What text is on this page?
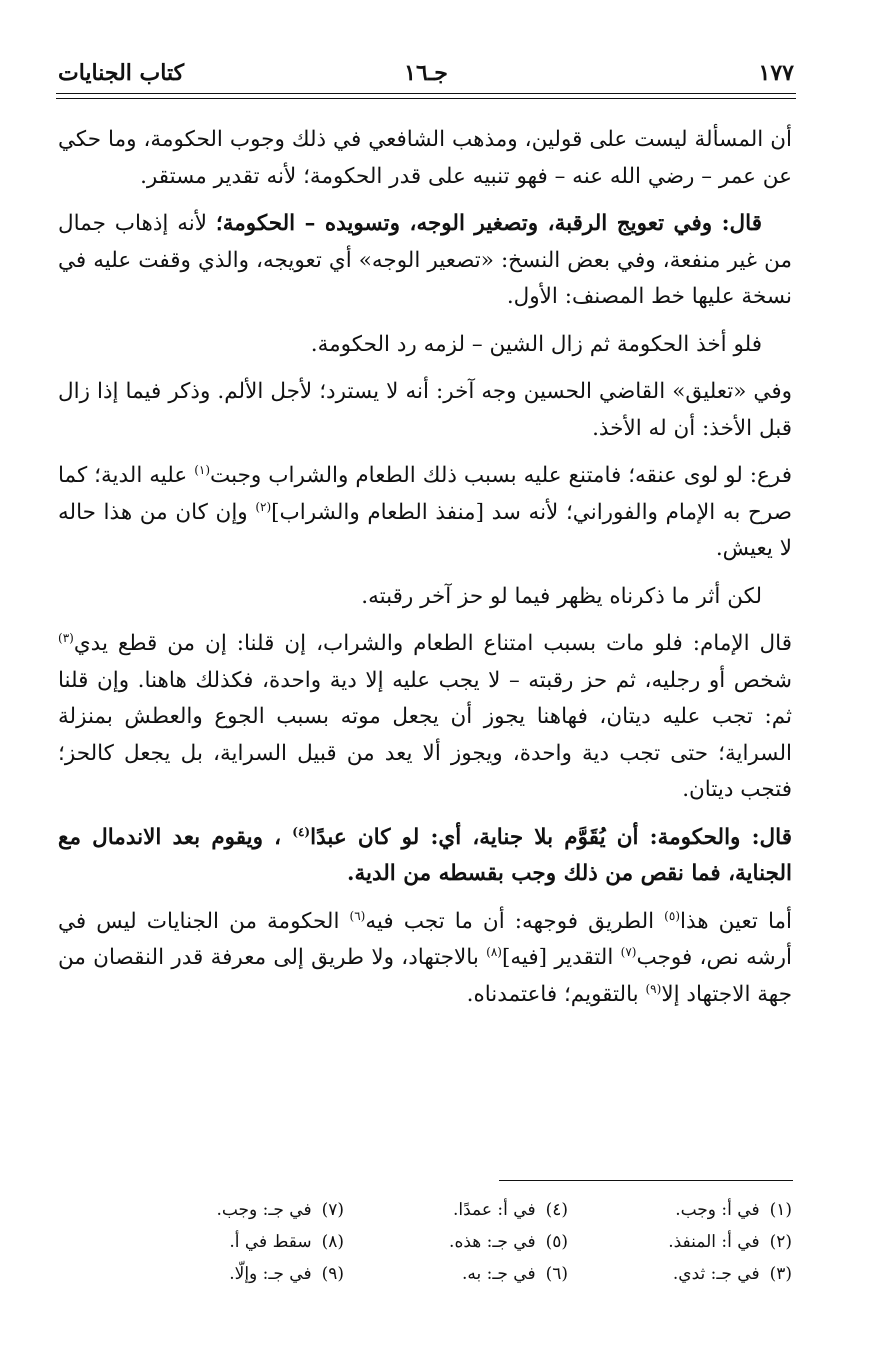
١٧٧
جـ١٦
كتاب الجنايات

أن المسألة ليست على قولين، ومذهب الشافعي في ذلك وجوب الحكومة، وما حكي عن عمر – رضي الله عنه – فهو تنبيه على قدر الحكومة؛ لأنه تقدير مستقر.

قال: وفي تعويج الرقبة، وتصغير الوجه، وتسويده – الحكومة؛ لأنه إذهاب جمال من غير منفعة، وفي بعض النسخ: «تصعير الوجه» أي تعويجه، والذي وقفت عليه في نسخة عليها خط المصنف: الأول.

فلو أخذ الحكومة ثم زال الشين – لزمه رد الحكومة.

وفي «تعليق» القاضي الحسين وجه آخر: أنه لا يسترد؛ لأجل الألم. وذكر فيما إذا زال قبل الأخذ: أن له الأخذ.

فرع: لو لوى عنقه؛ فامتنع عليه بسبب ذلك الطعام والشراب وجبت$^{(١)}$ عليه الدية؛ كما صرح به الإمام والفوراني؛ لأنه سد [منفذ الطعام والشراب]$^{(٢)}$ وإن كان من هذا حاله لا يعيش.

لكن أثر ما ذكرناه يظهر فيما لو حز آخر رقبته.

قال الإمام: فلو مات بسبب امتناع الطعام والشراب، إن قلنا: إن من قطع يدي$^{(٣)}$ شخص أو رجليه، ثم حز رقبته – لا يجب عليه إلا دية واحدة، فكذلك هاهنا. وإن قلنا ثم: تجب عليه ديتان، فهاهنا يجوز أن يجعل موته بسبب الجوع والعطش بمنزلة السراية؛ حتى تجب دية واحدة، ويجوز ألا يعد من قبيل السراية، بل يجعل كالحز؛ فتجب ديتان.

قال: والحكومة: أن يُقَوَّم بلا جناية، أي: لو كان عبدًا$^{(٤)}$ ، ويقوم بعد الاندمال مع الجناية، فما نقص من ذلك وجب بقسطه من الدية.

أما تعين هذا$^{(٥)}$ الطريق فوجهه: أن ما تجب فيه$^{(٦)}$ الحكومة من الجنايات ليس في أرشه نص، فوجب$^{(٧)}$ التقدير [فيه]$^{(٨)}$ بالاجتهاد، ولا طريق إلى معرفة قدر النقصان من جهة الاجتهاد إلا$^{(٩)}$ بالتقويم؛ فاعتمدناه.

(١)في أ: وجب.
(٤)في أ: عمدًا.
(٧)في جـ: وجب.
(٢)في أ: المنفذ.
(٥)في جـ: هذه.
(٨)سقط في أ.
(٣)في جـ: ثدي.
(٦)في جـ: به.
(٩)في جـ: وإلّا.
